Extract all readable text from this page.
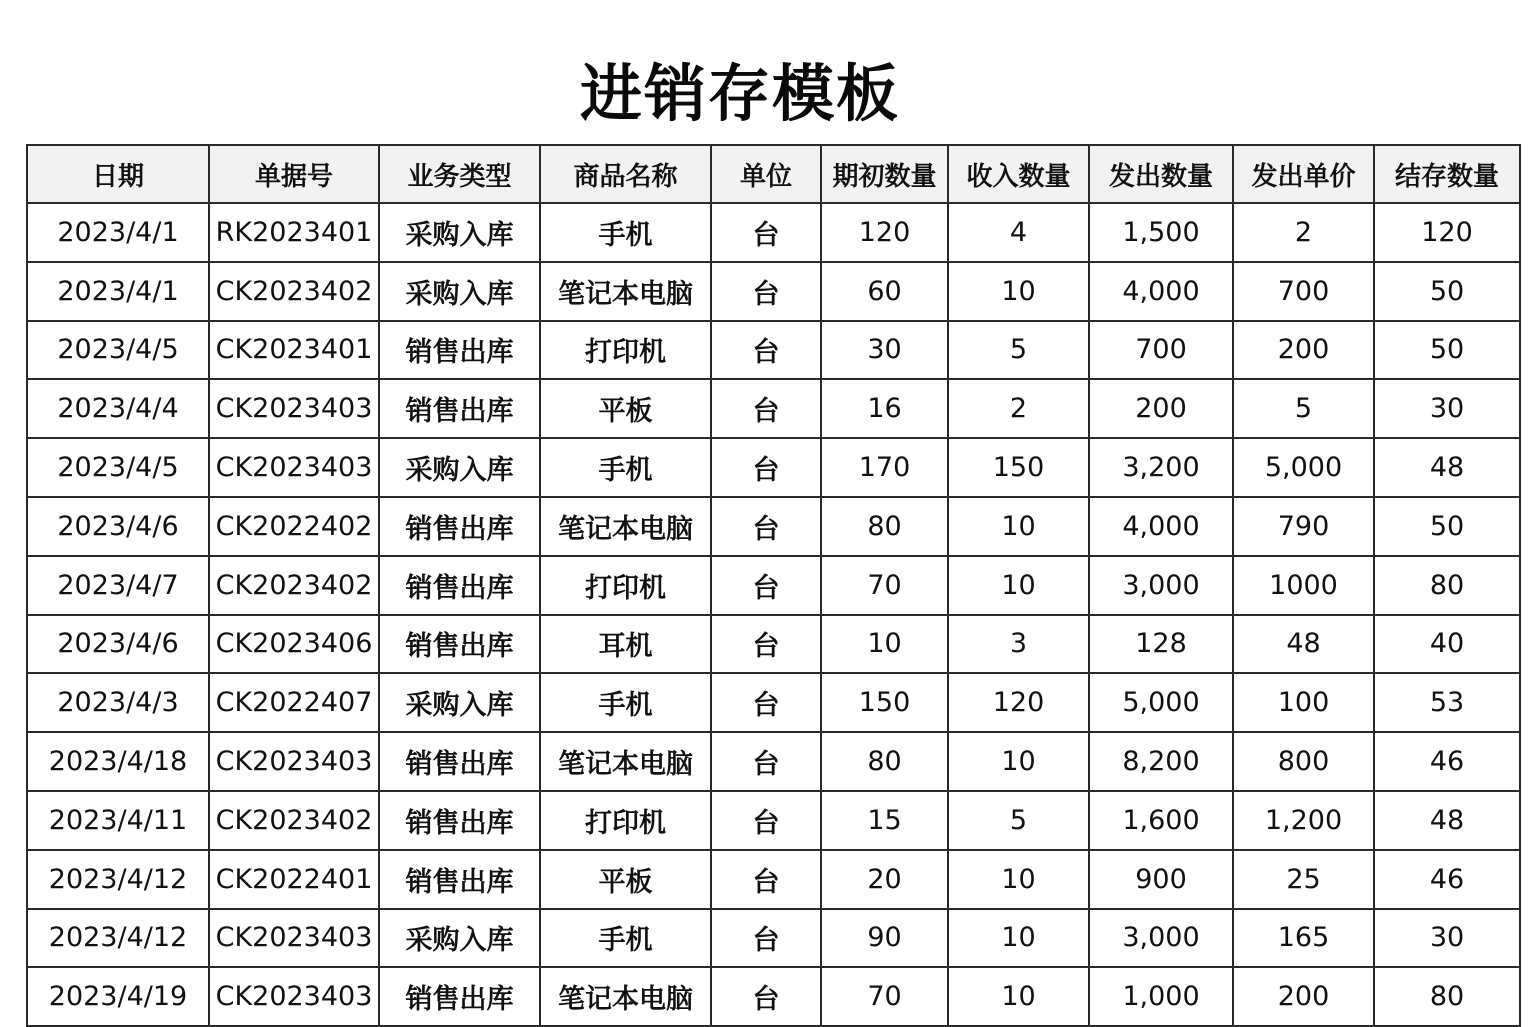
进销存模板
日期	单据号	业务类型	商品名称	单位	期初数量	收入数量	发出数量	发出单价	结存数量
2023/4/1	RK2023401	采购入库	手机	台	120	4	1,500	2	120
2023/4/1	CK2023402	采购入库	笔记本电脑	台	60	10	4,000	700	50
2023/4/5	CK2023401	销售出库	打印机	台	30	5	700	200	50
2023/4/4	CK2023403	销售出库	平板	台	16	2	200	5	30
2023/4/5	CK2023403	采购入库	手机	台	170	150	3,200	5,000	48
2023/4/6	CK2022402	销售出库	笔记本电脑	台	80	10	4,000	790	50
2023/4/7	CK2023402	销售出库	打印机	台	70	10	3,000	1000	80
2023/4/6	CK2023406	销售出库	耳机	台	10	3	128	48	40
2023/4/3	CK2022407	采购入库	手机	台	150	120	5,000	100	53
2023/4/18	CK2023403	销售出库	笔记本电脑	台	80	10	8,200	800	46
2023/4/11	CK2023402	销售出库	打印机	台	15	5	1,600	1,200	48
2023/4/12	CK2022401	销售出库	平板	台	20	10	900	25	46
2023/4/12	CK2023403	采购入库	手机	台	90	10	3,000	165	30
2023/4/19	CK2023403	销售出库	笔记本电脑	台	70	10	1,000	200	80
